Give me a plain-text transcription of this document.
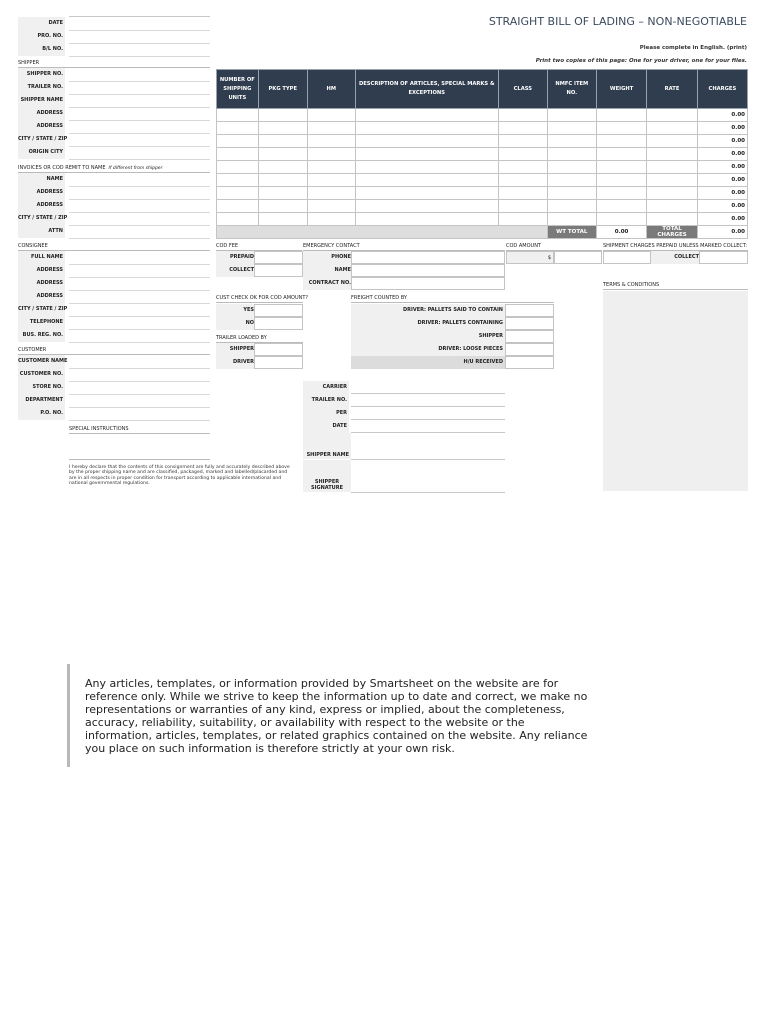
STRAIGHT BILL OF LADING – NON-NEGOTIABLE
Please complete in English. (print)
Print two copies of this page: One for your driver, one for your files.
DATE
PRO. NO.
B/L NO.
SHIPPER
SHIPPER NO.
TRAILER NO.
SHIPPER NAME
ADDRESS
ADDRESS
CITY / STATE / ZIP
ORIGIN CITY
INVOICES OR COD REMIT TO NAME If different from shipper
NAME
ADDRESS
ADDRESS
CITY / STATE / ZIP
ATTN
CONSIGNEE
FULL NAME
ADDRESS
ADDRESS
ADDRESS
CITY / STATE / ZIP
TELEPHONE
BUS. REG. NO.
CUSTOMER
CUSTOMER NAME
CUSTOMER NO.
STORE NO.
DEPARTMENT
P.O. NO.
NUMBER OF SHIPPING UNITS	PKG TYPE	HM	DESCRIPTION OF ARTICLES, SPECIAL MARKS & EXCEPTIONS	CLASS	NMFC ITEM NO.	WEIGHT	RATE	CHARGES
								0.00
								0.00
								0.00
								0.00
								0.00
								0.00
								0.00
								0.00
								0.00
					WT TOTAL	0.00	TOTAL CHARGES	0.00
COD FEE
PREPAID
COLLECT
EMERGENCY CONTACT
PHONE
NAME
CONTRACT NO.
COD AMOUNT
$
SHIPMENT CHARGES PREPAID UNLESS MARKED COLLECT:
COLLECT
TERMS & CONDITIONS
CUST CHECK OK FOR COD AMOUNT?
YES
NO
TRAILER LOADED BY
SHIPPER
DRIVER
FREIGHT COUNTED BY
DRIVER: PALLETS SAID TO CONTAIN
DRIVER: PALLETS CONTAINING
SHIPPER
DRIVER: LOOSE PIECES
H/U RECEIVED
CARRIER
TRAILER NO.
PER
DATE
SHIPPER NAME
SHIPPER SIGNATURE
SPECIAL INSTRUCTIONS
I hereby declare that the contents of this consignment are fully and accurately described above by the proper shipping name and are classified, packaged, marked and labelled/placarded and are in all respects in proper condition for transport according to applicable international and national governmental regulations.
Any articles, templates, or information provided by Smartsheet on the website are for reference only. While we strive to keep the information up to date and correct, we make no representations or warranties of any kind, express or implied, about the completeness, accuracy, reliability, suitability, or availability with respect to the website or the information, articles, templates, or related graphics contained on the website. Any reliance you place on such information is therefore strictly at your own risk.
